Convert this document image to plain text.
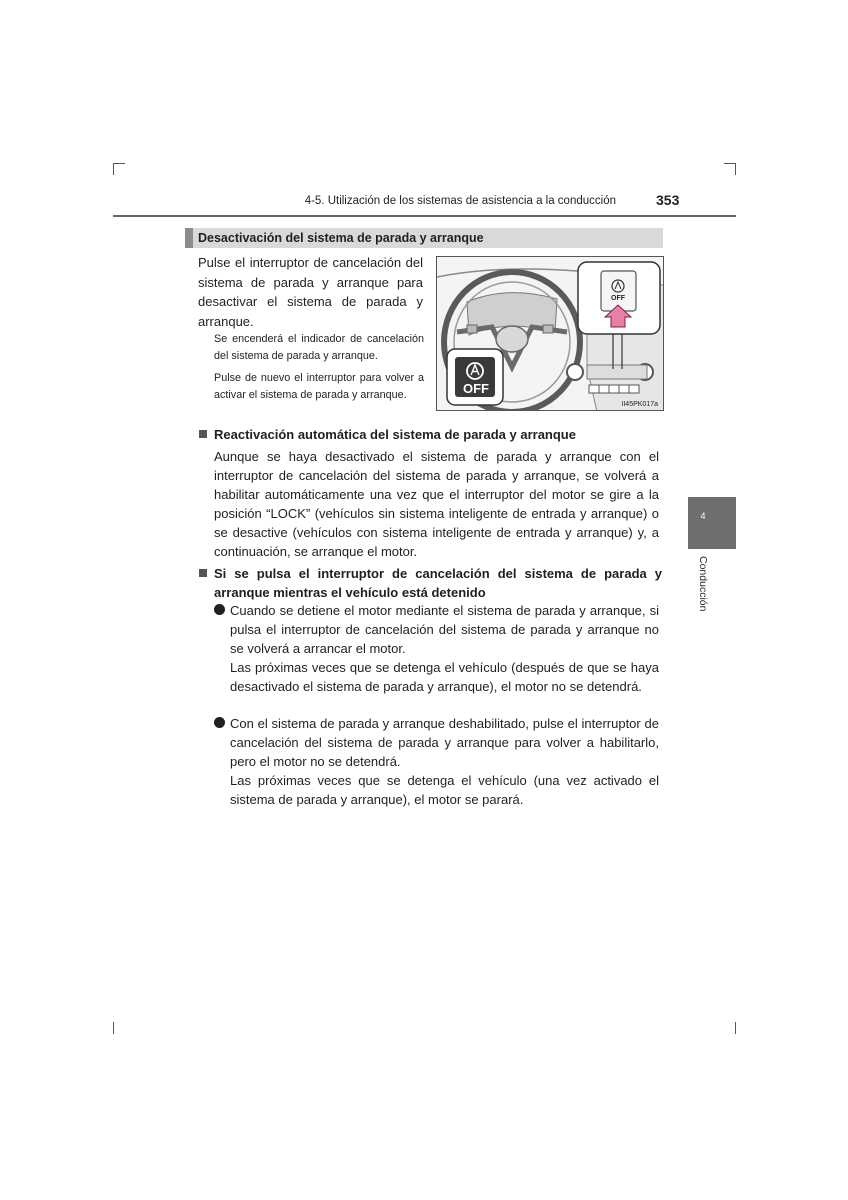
4-5. Utilización de los sistemas de asistencia a la conducción	353
Desactivación del sistema de parada y arranque
Pulse el interruptor de cancelación del sistema de parada y arranque para desactivar el sistema de parada y arranque.
Se encenderá el indicador de cancelación del sistema de parada y arranque.
Pulse de nuevo el interruptor para volver a activar el sistema de parada y arranque.
OFF
OFF
II45PK017a
Reactivación automática del sistema de parada y arranque
Aunque se haya desactivado el sistema de parada y arranque con el interruptor de cancelación del sistema de parada y arranque, se volverá a habilitar automáticamente una vez que el interruptor del motor se gire a la posición “LOCK” (vehículos sin sistema inteligente de entrada y arranque) o se desactive (vehículos con sistema inteligente de entrada y arranque) y, a continuación, se arranque el motor.
Si se pulsa el interruptor de cancelación del sistema de parada y arranque mientras el vehículo está detenido
Cuando se detiene el motor mediante el sistema de parada y arranque, si pulsa el interruptor de cancelación del sistema de parada y arranque no se volverá a arrancar el motor.
Las próximas veces que se detenga el vehículo (después de que se haya desactivado el sistema de parada y arranque), el motor no se detendrá.
Con el sistema de parada y arranque deshabilitado, pulse el interruptor de cancelación del sistema de parada y arranque para volver a habilitarlo, pero el motor no se detendrá.
Las próximas veces que se detenga el vehículo (una vez activado el sistema de parada y arranque), el motor se parará.
4
Conducción
